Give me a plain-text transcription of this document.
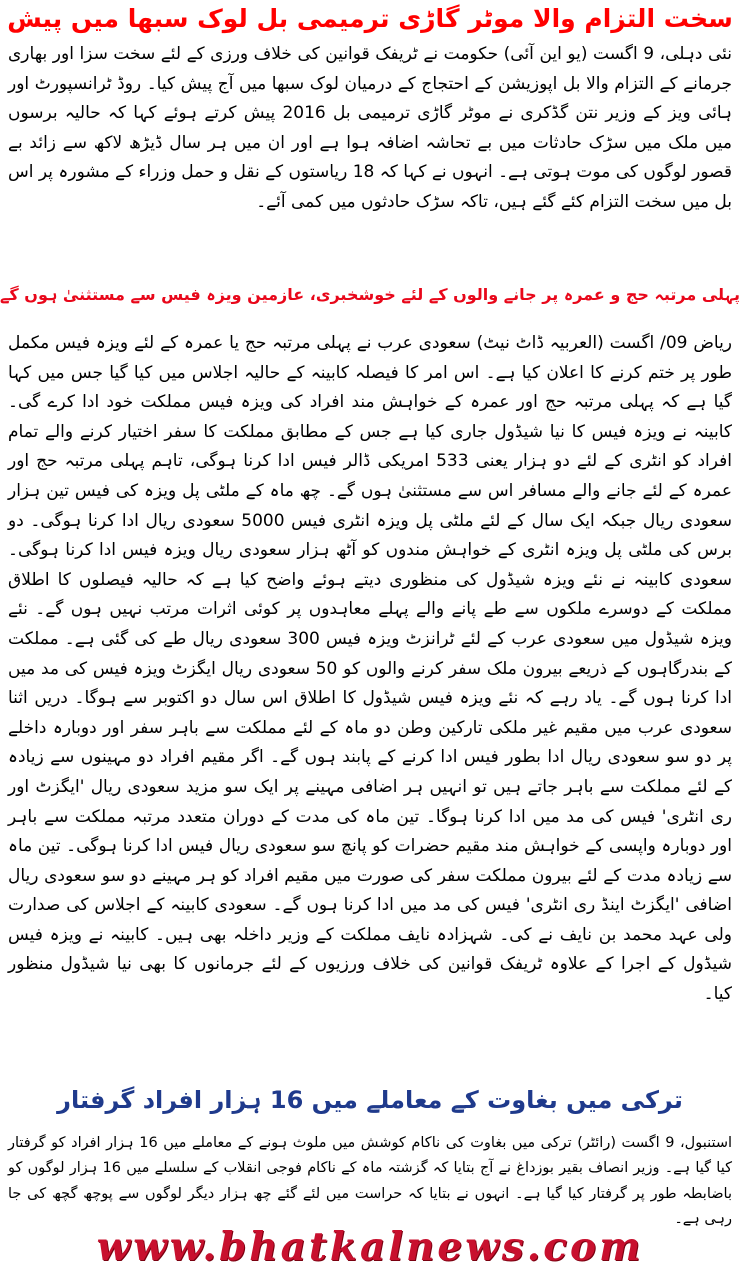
سخت التزام والا موٹر گاڑی ترمیمی بل لوک سبھا میں پیش

نئی دہلی، 9 اگست (یو این آئی) حکومت نے ٹریفک قوانین کی خلاف ورزی کے لئے سخت سزا اور بھاری جرمانے کے التزام والا بل اپوزیشن کے احتجاج کے درمیان لوک سبھا میں آج پیش کیا۔ روڈ ٹرانسپورٹ اور ہائی ویز کے وزیر نتن گڈکری نے موٹر گاڑی ترمیمی بل 2016 پیش کرتے ہوئے کہا کہ حالیہ برسوں میں ملک میں سڑک حادثات میں بے تحاشہ اضافہ ہوا ہے اور ان میں ہر سال ڈیڑھ لاکھ سے زائد بے قصور لوگوں کی موت ہوتی ہے۔ انہوں نے کہا کہ 18 ریاستوں کے نقل و حمل وزراء کے مشورہ پر اس بل میں سخت التزام کئے گئے ہیں، تاکہ سڑک حادثوں میں کمی آئے۔

پہلی مرتبہ حج و عمرہ پر جانے والوں کے لئے خوشخبری، عازمین ویزہ فیس سے مستثنیٰ ہوں گے

ریاض 09/ اگست (العربیہ ڈاٹ نیٹ) سعودی عرب نے پہلی مرتبہ حج یا عمرہ کے لئے ویزہ فیس مکمل طور پر ختم کرنے کا اعلان کیا ہے۔ اس امر کا فیصلہ کابینہ کے حالیہ اجلاس میں کیا گیا جس میں کہا گیا ہے کہ پہلی مرتبہ حج اور عمرہ کے خواہش مند افراد کی ویزہ فیس مملکت خود ادا کرے گی۔ کابینہ نے ویزہ فیس کا نیا شیڈول جاری کیا ہے جس کے مطابق مملکت کا سفر اختیار کرنے والے تمام افراد کو انٹری کے لئے دو ہزار یعنی 533 امریکی ڈالر فیس ادا کرنا ہوگی، تاہم پہلی مرتبہ حج اور عمرہ کے لئے جانے والے مسافر اس سے مستثنیٰ ہوں گے۔ چھ ماہ کے ملٹی پل ویزہ کی فیس تین ہزار سعودی ریال جبکہ ایک سال کے لئے ملٹی پل ویزہ انٹری فیس 5000 سعودی ریال ادا کرنا ہوگی۔ دو برس کی ملٹی پل ویزہ انٹری کے خواہش مندوں کو آٹھ ہزار سعودی ریال ویزہ فیس ادا کرنا ہوگی۔ سعودی کابینہ نے نئے ویزہ شیڈول کی منظوری دیتے ہوئے واضح کیا ہے کہ حالیہ فیصلوں کا اطلاق مملکت کے دوسرے ملکوں سے طے پانے والے پہلے معاہدوں پر کوئی اثرات مرتب نہیں ہوں گے۔ نئے ویزہ شیڈول میں سعودی عرب کے لئے ٹرانزٹ ویزہ فیس 300 سعودی ریال طے کی گئی ہے۔ مملکت کے بندرگاہوں کے ذریعے بیرون ملک سفر کرنے والوں کو 50 سعودی ریال ایگزٹ ویزہ فیس کی مد میں ادا کرنا ہوں گے۔ یاد رہے کہ نئے ویزہ فیس شیڈول کا اطلاق اس سال دو اکتوبر سے ہوگا۔ دریں اثنا سعودی عرب میں مقیم غیر ملکی تارکین وطن دو ماہ کے لئے مملکت سے باہر سفر اور دوبارہ داخلے پر دو سو سعودی ریال ادا بطور فیس ادا کرنے کے پابند ہوں گے۔ اگر مقیم افراد دو مہینوں سے زیادہ کے لئے مملکت سے باہر جاتے ہیں تو انہیں ہر اضافی مہینے پر ایک سو مزید سعودی ریال 'ایگزٹ اور ری انٹری' فیس کی مد میں ادا کرنا ہوگا۔ تین ماہ کی مدت کے دوران متعدد مرتبہ مملکت سے باہر اور دوبارہ واپسی کے خواہش مند مقیم حضرات کو پانچ سو سعودی ریال فیس ادا کرنا ہوگی۔ تین ماہ سے زیادہ مدت کے لئے بیرون مملکت سفر کی صورت میں مقیم افراد کو ہر مہینے دو سو سعودی ریال اضافی 'ایگزٹ اینڈ ری انٹری' فیس کی مد میں ادا کرنا ہوں گے۔ سعودی کابینہ کے اجلاس کی صدارت ولی عہد محمد بن نایف نے کی۔ شہزادہ نایف مملکت کے وزیر داخلہ بھی ہیں۔ کابینہ نے ویزہ فیس شیڈول کے اجرا کے علاوہ ٹریفک قوانین کی خلاف ورزیوں کے لئے جرمانوں کا بھی نیا شیڈول منظور کیا۔

ترکی میں بغاوت کے معاملے میں 16 ہزار افراد گرفتار

استنبول، 9 اگست (رائٹر) ترکی میں بغاوت کی ناکام کوشش میں ملوث ہونے کے معاملے میں 16 ہزار افراد کو گرفتار کیا گیا ہے۔ وزیر انصاف بقیر بوزداغ نے آج بتایا کہ گزشتہ ماہ کے ناکام فوجی انقلاب کے سلسلے میں 16 ہزار لوگوں کو باضابطہ طور پر گرفتار کیا گیا ہے۔ انہوں نے بتایا کہ حراست میں لئے گئے چھ ہزار دیگر لوگوں سے پوچھ گچھ کی جا رہی ہے۔

www.bhatkalnews.com
